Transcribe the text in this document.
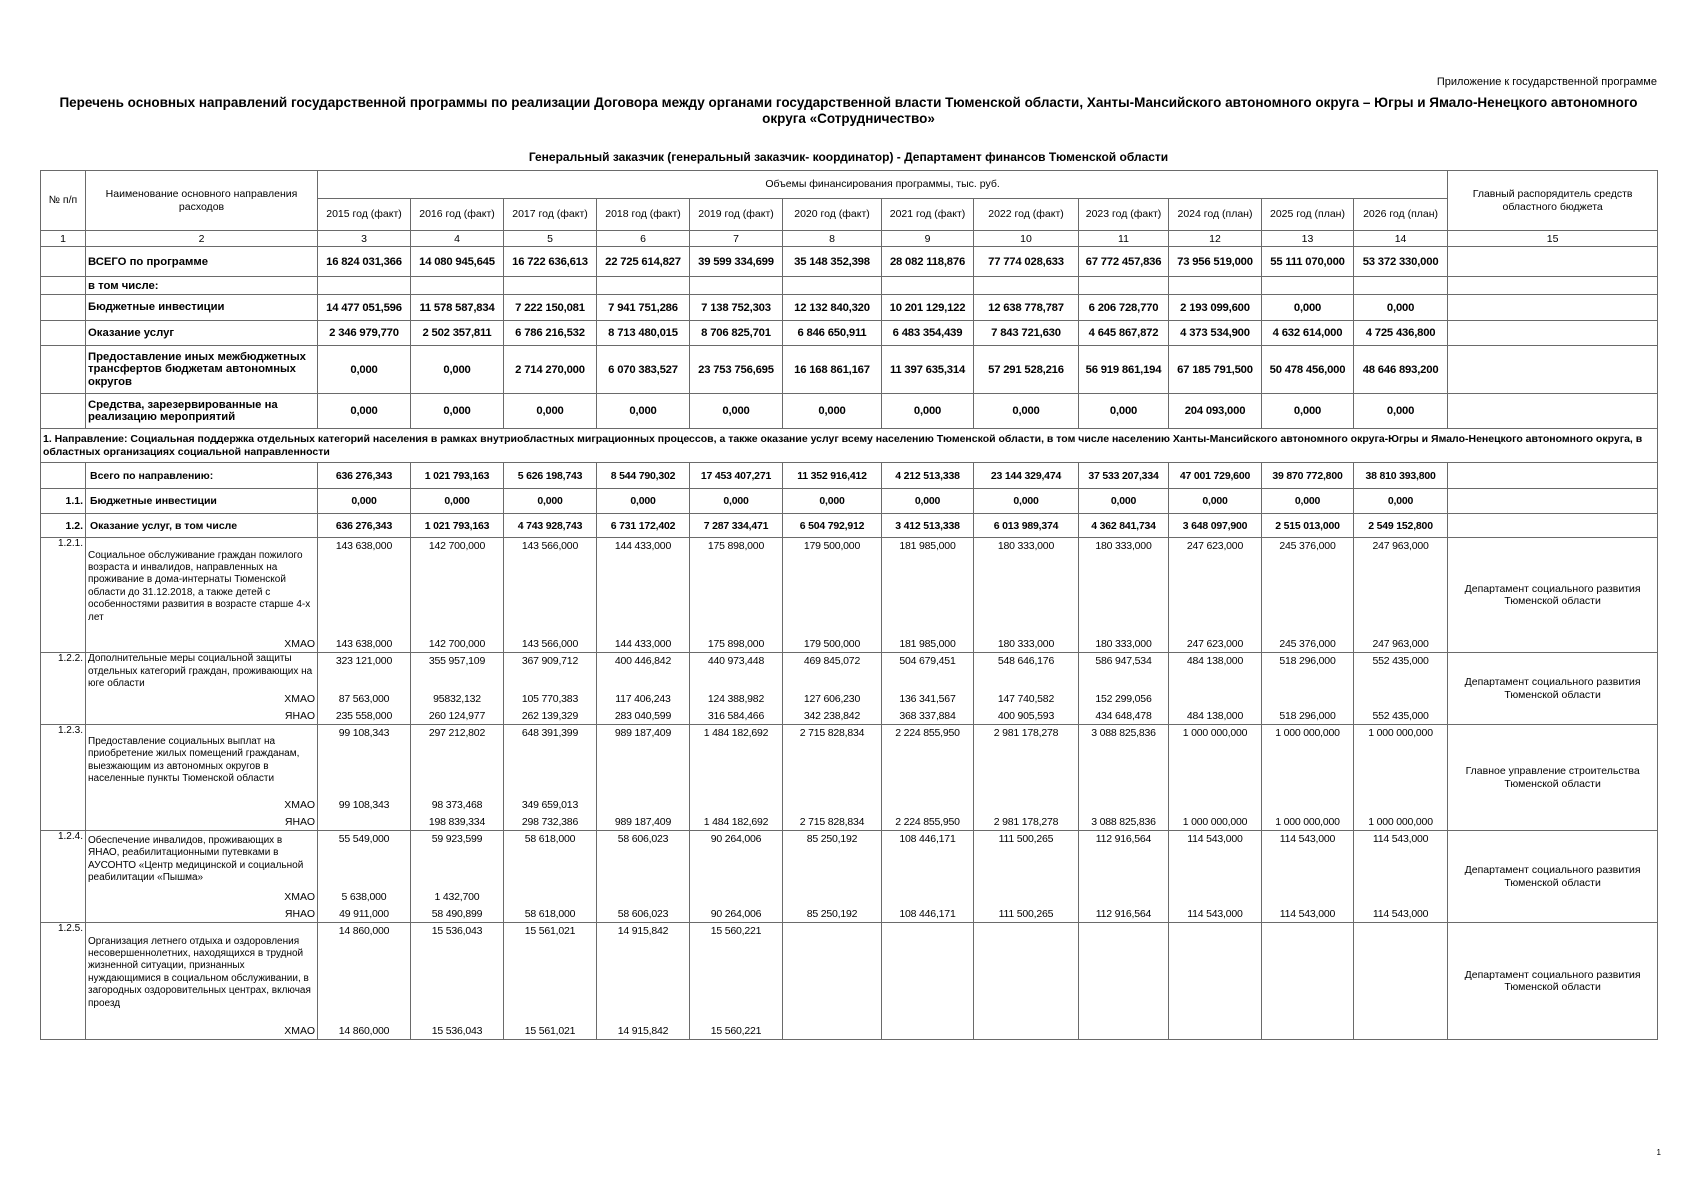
Приложение к государственной программе
Перечень основных направлений государственной программы по реализации Договора между органами государственной власти Тюменской области, Ханты-Мансийского автономного округа – Югры и Ямало-Ненецкого автономного округа «Сотрудничество»
Генеральный заказчик (генеральный заказчик- координатор) - Департамент финансов Тюменской области
№ п/п	Наименование основного направления расходов	Объемы финансирования программы, тыс. руб.												Главный распорядитель средств областного бюджета
		2015 год (факт)	2016 год (факт)	2017 год (факт)	2018 год (факт)	2019 год (факт)	2020 год (факт)	2021 год (факт)	2022 год (факт)	2023 год (факт)	2024 год (план)	2025 год (план)	2026 год (план)	
1	2	3	4	5	6	7	8	9	10	11	12	13	14	15
	ВСЕГО по программе	16 824 031,366	14 080 945,645	16 722 636,613	22 725 614,827	39 599 334,699	35 148 352,398	28 082 118,876	77 774 028,633	67 772 457,836	73 956 519,000	55 111 070,000	53 372 330,000	
	в том числе:													
	Бюджетные инвестиции	14 477 051,596	11 578 587,834	7 222 150,081	7 941 751,286	7 138 752,303	12 132 840,320	10 201 129,122	12 638 778,787	6 206 728,770	2 193 099,600	0,000	0,000	
	Оказание услуг	2 346 979,770	2 502 357,811	6 786 216,532	8 713 480,015	8 706 825,701	6 846 650,911	6 483 354,439	7 843 721,630	4 645 867,872	4 373 534,900	4 632 614,000	4 725 436,800	
	Предоставление иных межбюджетных трансфертов бюджетам автономных округов	0,000	0,000	2 714 270,000	6 070 383,527	23 753 756,695	16 168 861,167	11 397 635,314	57 291 528,216	56 919 861,194	67 185 791,500	50 478 456,000	48 646 893,200	
	Средства, зарезервированные на реализацию мероприятий	0,000	0,000	0,000	0,000	0,000	0,000	0,000	0,000	0,000	204 093,000	0,000	0,000	
1. Направление: Социальная поддержка отдельных категорий населения в рамках внутриобластных миграционных процессов, а также оказание услуг всему населению Тюменской области, в том числе населению Ханты-Мансийского автономного округа-Югры и Ямало-Ненецкого автономного округа, в областных организациях социальной направленности														
	Всего по направлению:	636 276,343	1 021 793,163	5 626 198,743	8 544 790,302	17 453 407,271	11 352 916,412	4 212 513,338	23 144 329,474	37 533 207,334	47 001 729,600	39 870 772,800	38 810 393,800	
1.1.	Бюджетные инвестиции	0,000	0,000	0,000	0,000	0,000	0,000	0,000	0,000	0,000	0,000	0,000	0,000	
1.2.	Оказание услуг, в том числе	636 276,343	1 021 793,163	4 743 928,743	6 731 172,402	7 287 334,471	6 504 792,912	3 412 513,338	6 013 989,374	4 362 841,734	3 648 097,900	2 515 013,000	2 549 152,800	
1.2.1.	Социальное обслуживание граждан пожилого возраста и инвалидов, направленных на проживание в дома-интернаты Тюменской области до 31.12.2018, а также детей с особенностями развития в возрасте старше 4-х лет	143 638,000	142 700,000	143 566,000	144 433,000	175 898,000	179 500,000	181 985,000	180 333,000	180 333,000	247 623,000	245 376,000	247 963,000	Департамент социального развития Тюменской области
	ХМАО	143 638,000	142 700,000	143 566,000	144 433,000	175 898,000	179 500,000	181 985,000	180 333,000	180 333,000	247 623,000	245 376,000	247 963,000	
1.2.2.	Дополнительные меры социальной защиты отдельных категорий граждан, проживающих на юге области	323 121,000	355 957,109	367 909,712	400 446,842	440 973,448	469 845,072	504 679,451	548 646,176	586 947,534	484 138,000	518 296,000	552 435,000	Департамент социального развития Тюменской области
	ХМАО	87 563,000	95832,132	105 770,383	117 406,243	124 388,982	127 606,230	136 341,567	147 740,582	152 299,056				
	ЯНАО	235 558,000	260 124,977	262 139,329	283 040,599	316 584,466	342 238,842	368 337,884	400 905,593	434 648,478	484 138,000	518 296,000	552 435,000	
1.2.3.	Предоставление социальных выплат на приобретение жилых помещений гражданам, выезжающим из автономных округов в населенные пункты Тюменской области	99 108,343	297 212,802	648 391,399	989 187,409	1 484 182,692	2 715 828,834	2 224 855,950	2 981 178,278	3 088 825,836	1 000 000,000	1 000 000,000	1 000 000,000	Главное управление строительства Тюменской области
	ХМАО	99 108,343	98 373,468	349 659,013										
	ЯНАО		198 839,334	298 732,386	989 187,409	1 484 182,692	2 715 828,834	2 224 855,950	2 981 178,278	3 088 825,836	1 000 000,000	1 000 000,000	1 000 000,000	
1.2.4.	Обеспечение инвалидов, проживающих в ЯНАО, реабилитационными путевками в АУСОНТО «Центр медицинской и социальной реабилитации «Пышма»	55 549,000	59 923,599	58 618,000	58 606,023	90 264,006	85 250,192	108 446,171	111 500,265	112 916,564	114 543,000	114 543,000	114 543,000	Департамент социального развития Тюменской области
	ХМАО	5 638,000	1 432,700											
	ЯНАО	49 911,000	58 490,899	58 618,000	58 606,023	90 264,006	85 250,192	108 446,171	111 500,265	112 916,564	114 543,000	114 543,000	114 543,000	
1.2.5.	Организация летнего отдыха и оздоровления несовершеннолетних, находящихся в трудной жизненной ситуации, признанных нуждающимися в социальном обслуживании, в загородных оздоровительных центрах, включая проезд	14 860,000	15 536,043	15 561,021	14 915,842	15 560,221								Департамент социального развития Тюменской области
	ХМАО	14 860,000	15 536,043	15 561,021	14 915,842	15 560,221								
1
